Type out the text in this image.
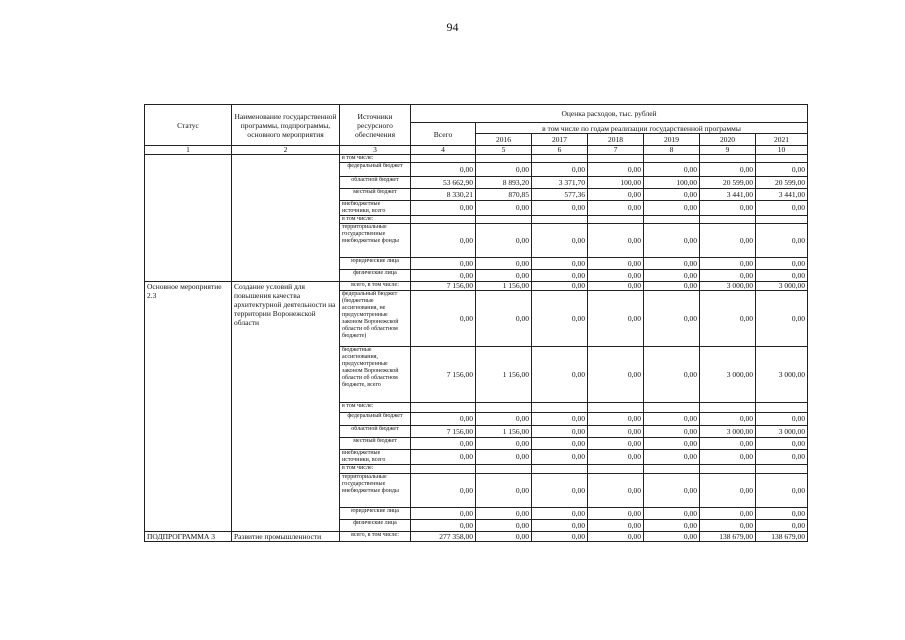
94
Статус	Наименование государственной программы, подпрограммы, основного мероприятия	Источники ресурсного обеспечения	Оценка расходов, тыс. рублей						
			Всего	в том числе по годам реализации государственной программы					
				2016	2017	2018	2019	2020	2021
1	2	3	4	5	6	7	8	9	10
		в том числе:							
		федеральный бюджет	0,00	0,00	0,00	0,00	0,00	0,00	0,00
		областной бюджет	53 662,90	8 893,20	3 371,70	100,00	100,00	20 599,00	20 599,00
		местный бюджет	8 330,21	870,85	577,36	0,00	0,00	3 441,00	3 441,00
		внебюджетные источники, всего	0,00	0,00	0,00	0,00	0,00	0,00	0,00
		в том числе:							
		территориальные государственные внебюджетные фонды	0,00	0,00	0,00	0,00	0,00	0,00	0,00
		юридические лица	0,00	0,00	0,00	0,00	0,00	0,00	0,00
		физические лица	0,00	0,00	0,00	0,00	0,00	0,00	0,00
Основное мероприятие 2.3	Создание условий для повышения качества архитектурной деятельности на территории Воронежской области	всего, в том числе:	7 156,00	1 156,00	0,00	0,00	0,00	3 000,00	3 000,00
		федеральный бюджет (бюджетные ассигнования, не предусмотренные законом Воронежской области об областном бюджете)	0,00	0,00	0,00	0,00	0,00	0,00	0,00
		бюджетные ассигнования, предусмотренные законом Воронежской области об областном бюджете, всего	7 156,00	1 156,00	0,00	0,00	0,00	3 000,00	3 000,00
		в том числе:							
		федеральный бюджет	0,00	0,00	0,00	0,00	0,00	0,00	0,00
		областной бюджет	7 156,00	1 156,00	0,00	0,00	0,00	3 000,00	3 000,00
		местный бюджет	0,00	0,00	0,00	0,00	0,00	0,00	0,00
		внебюджетные источники, всего	0,00	0,00	0,00	0,00	0,00	0,00	0,00
		в том числе:							
		территориальные государственные внебюджетные фонды	0,00	0,00	0,00	0,00	0,00	0,00	0,00
		юридические лица	0,00	0,00	0,00	0,00	0,00	0,00	0,00
		физические лица	0,00	0,00	0,00	0,00	0,00	0,00	0,00
ПОДПРОГРАММА 3	Развитие промышленности	всего, в том числе:	277 358,00	0,00	0,00	0,00	0,00	138 679,00	138 679,00
